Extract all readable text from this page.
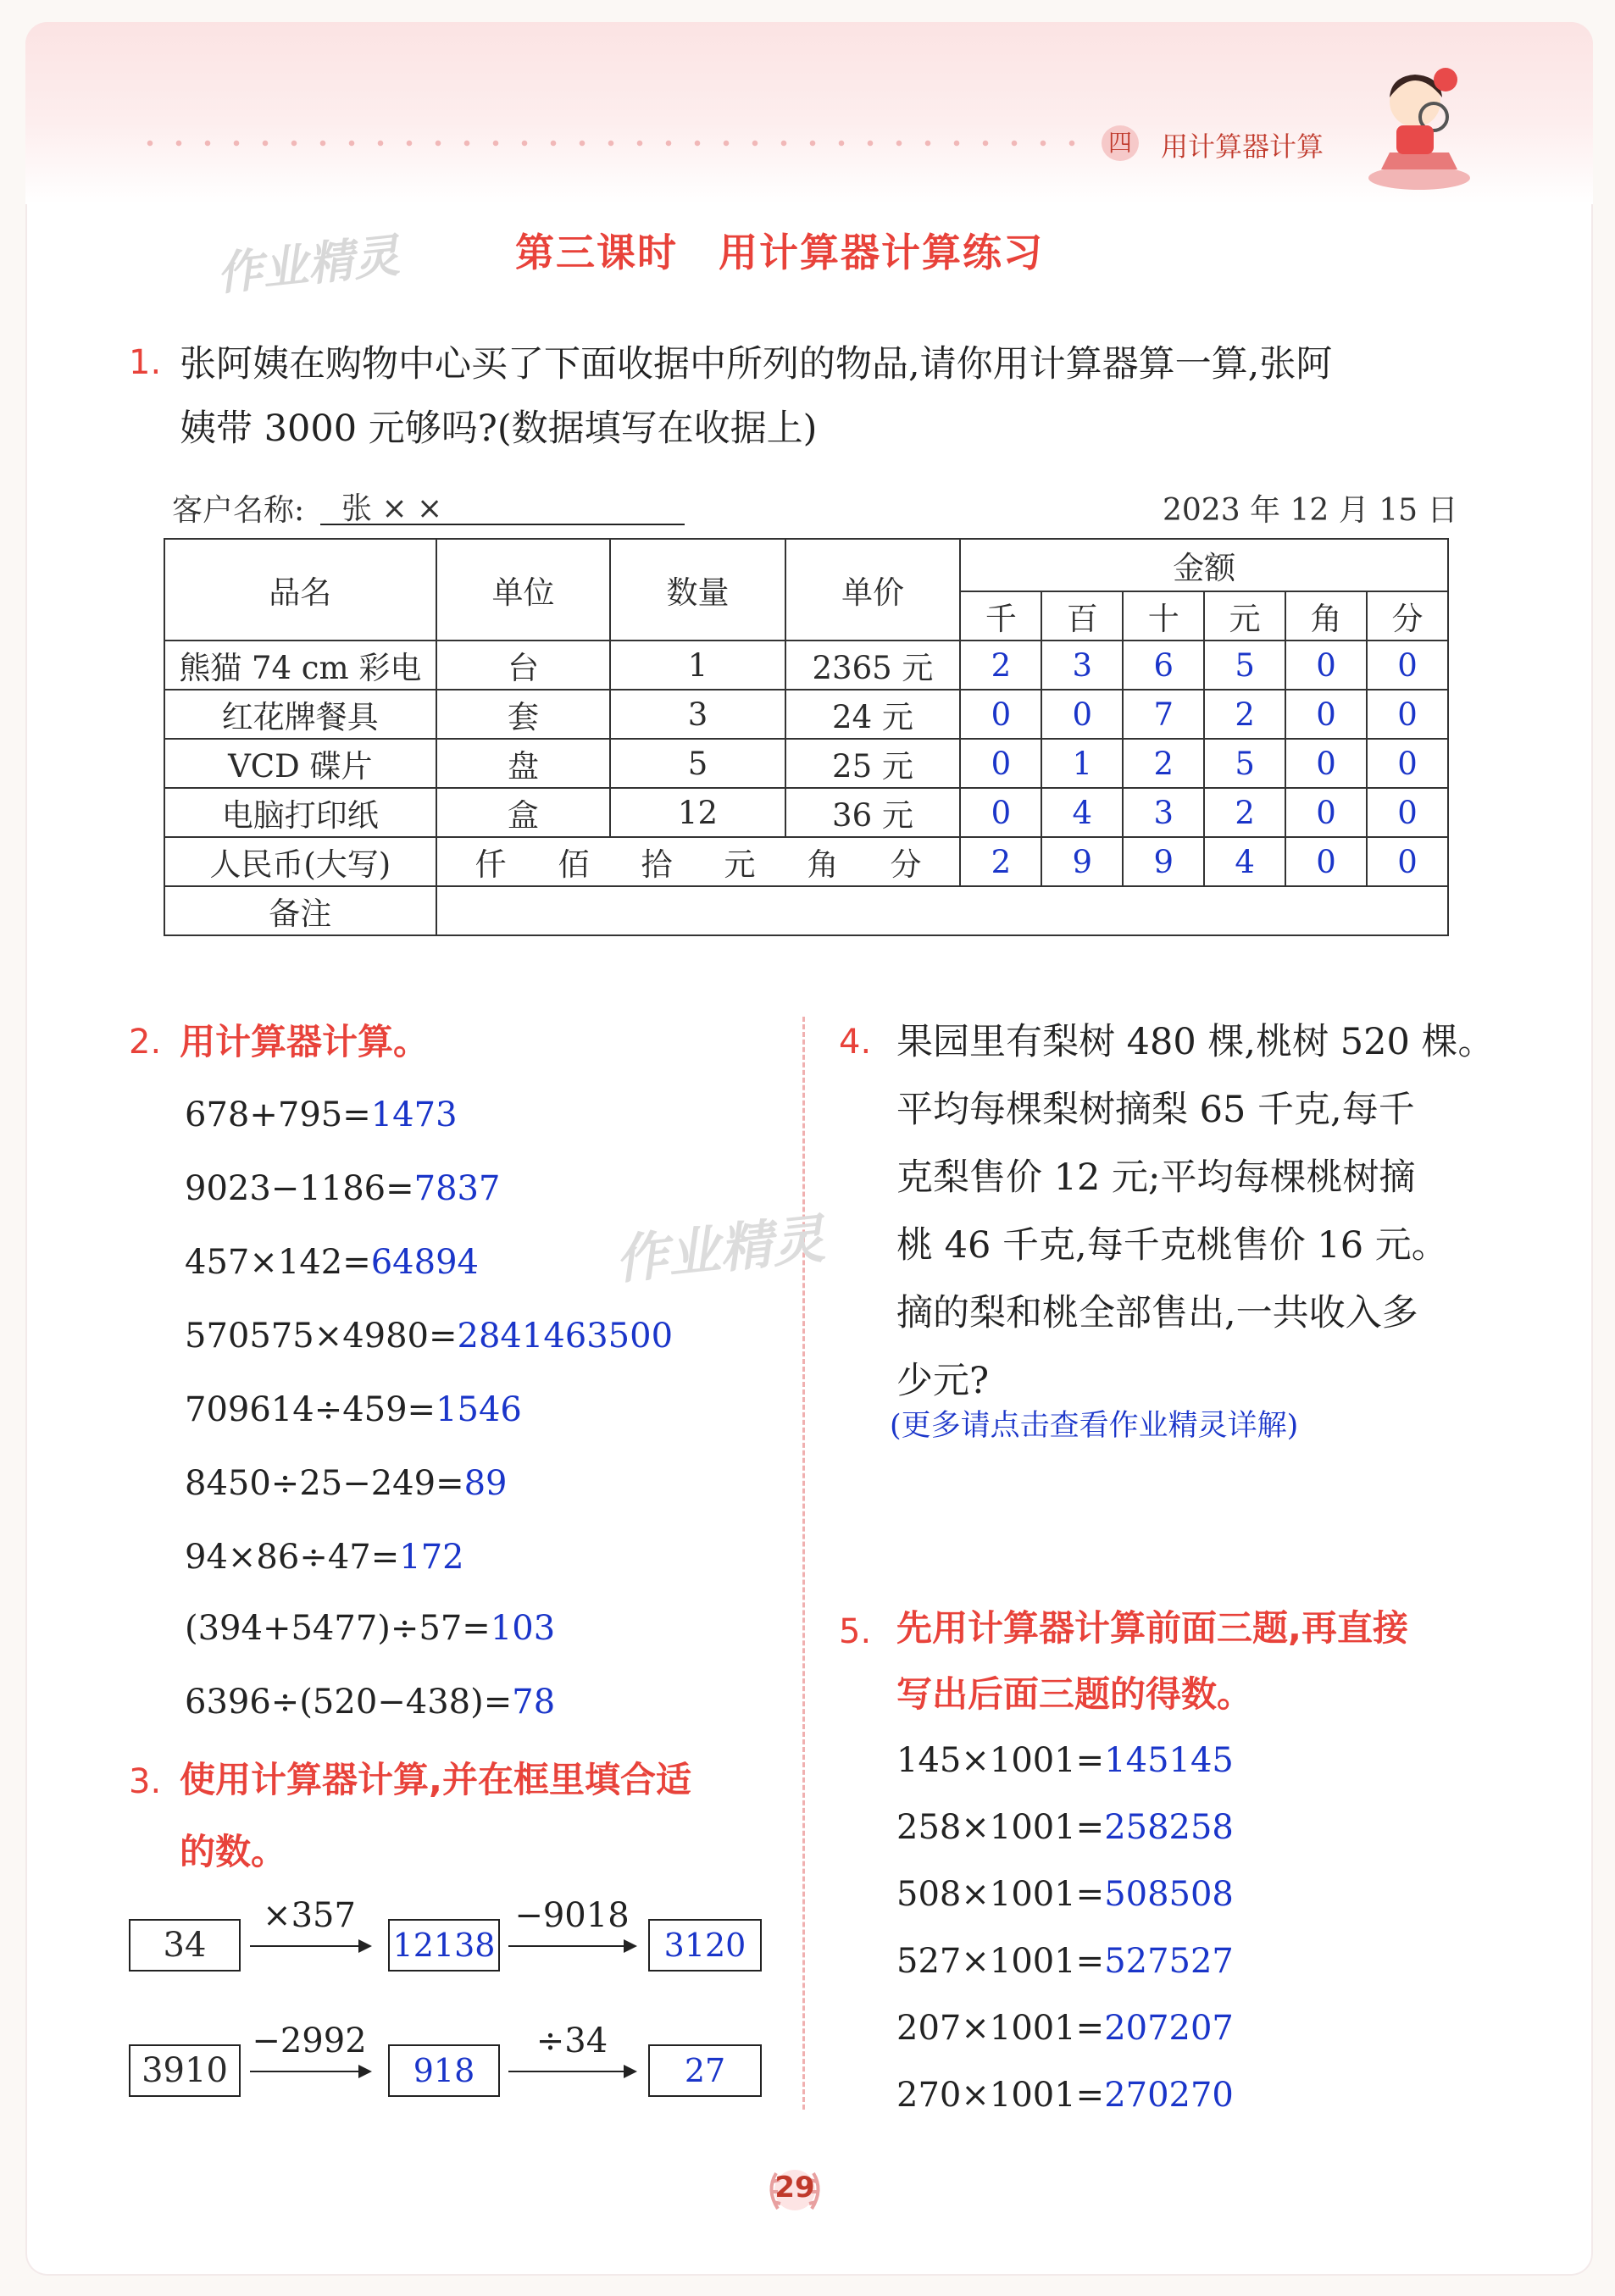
四 用计算器计算
作业精灵	第三课时　用计算器计算练习
1. 张阿姨在购物中心买了下面收据中所列的物品,请你用计算器算一算,张阿
姨带 3000 元够吗?(数据填写在收据上)
客户名称: 张 × ×	2023 年 12 月 15 日
品名	单位	数量	单价	金额					
				千	百	十	元	角	分
熊猫 74 cm 彩电	台	1	2365 元	2	3	6	5	0	0
红花牌餐具	套	3	24 元	0	0	7	2	0	0
VCD 碟片	盘	5	25 元	0	1	2	5	0	0
电脑打印纸	盒	12	36 元	0	4	3	2	0	0
人民币(大写)	仟 佰 拾 元 角 分			2	9	9	4	0	0
备注									
2. 用计算器计算。
678+795=1473
9023−1186=7837
457×142=64894
570575×4980=2841463500
709614÷459=1546
8450÷25−249=89
94×86÷47=172
(394+5477)÷57=103
6396÷(520−438)=78
作业精灵
3. 使用计算器计算,并在框里填合适
的数。
34
×357
12138
−9018
3120
3910
−2992
918
÷34
27
4. 果园里有梨树 480 棵,桃树 520 棵。
平均每棵梨树摘梨 65 千克,每千
克梨售价 12 元;平均每棵桃树摘
桃 46 千克,每千克桃售价 16 元。
摘的梨和桃全部售出,一共收入多
少元?
(更多请点击查看作业精灵详解)
5. 先用计算器计算前面三题,再直接
写出后面三题的得数。
145×1001=145145
258×1001=258258
508×1001=508508
527×1001=527527
207×1001=207207
270×1001=270270
29
